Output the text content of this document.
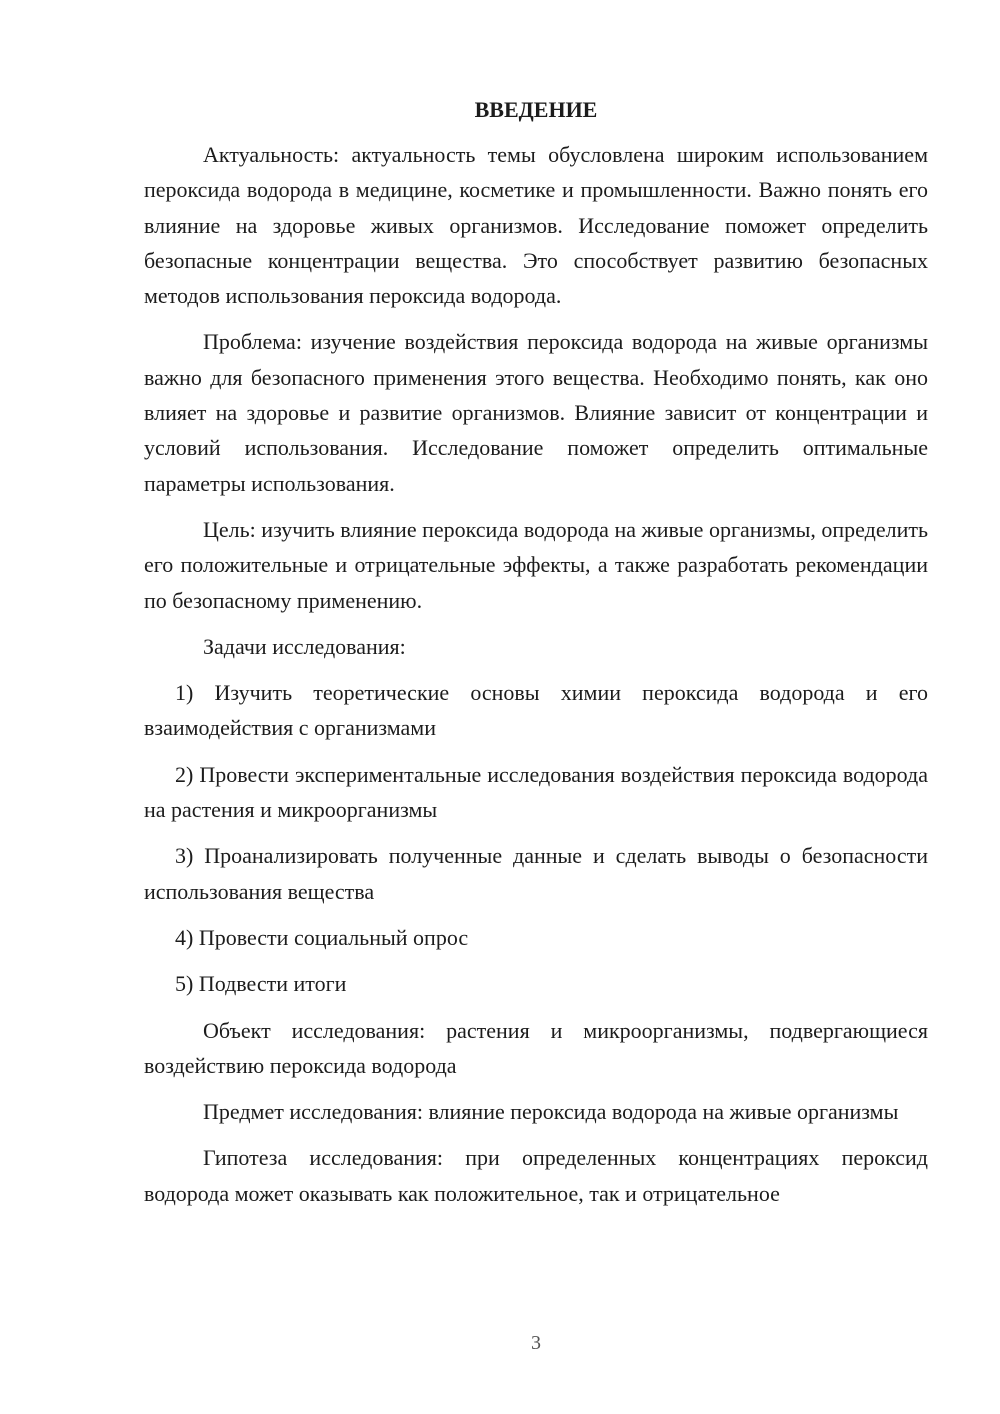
ВВЕДЕНИЕ

Актуальность: актуальность темы обусловлена широким использованием пероксида водорода в медицине, косметике и промышленности. Важно понять его влияние на здоровье живых организмов. Исследование поможет определить безопасные концентрации вещества. Это способствует развитию безопасных методов использования пероксида водорода.

Проблема: изучение воздействия пероксида водорода на живые организмы важно для безопасного применения этого вещества. Необходимо понять, как оно влияет на здоровье и развитие организмов. Влияние зависит от концентрации и условий использования. Исследование поможет определить оптимальные параметры использования.

Цель: изучить влияние пероксида водорода на живые организмы, определить его положительные и отрицательные эффекты, а также разработать рекомендации по безопасному применению.

Задачи исследования:

1) Изучить теоретические основы химии пероксида водорода и его взаимодействия с организмами

2) Провести экспериментальные исследования воздействия пероксида водорода на растения и микроорганизмы

3) Проанализировать полученные данные и сделать выводы о безопасности использования вещества

4) Провести социальный опрос

5) Подвести итоги

Объект исследования: растения и микроорганизмы, подвергающиеся воздействию пероксида водорода

Предмет исследования: влияние пероксида водорода на живые организмы

Гипотеза исследования: при определенных концентрациях пероксид водорода может оказывать как положительное, так и отрицательное

3
